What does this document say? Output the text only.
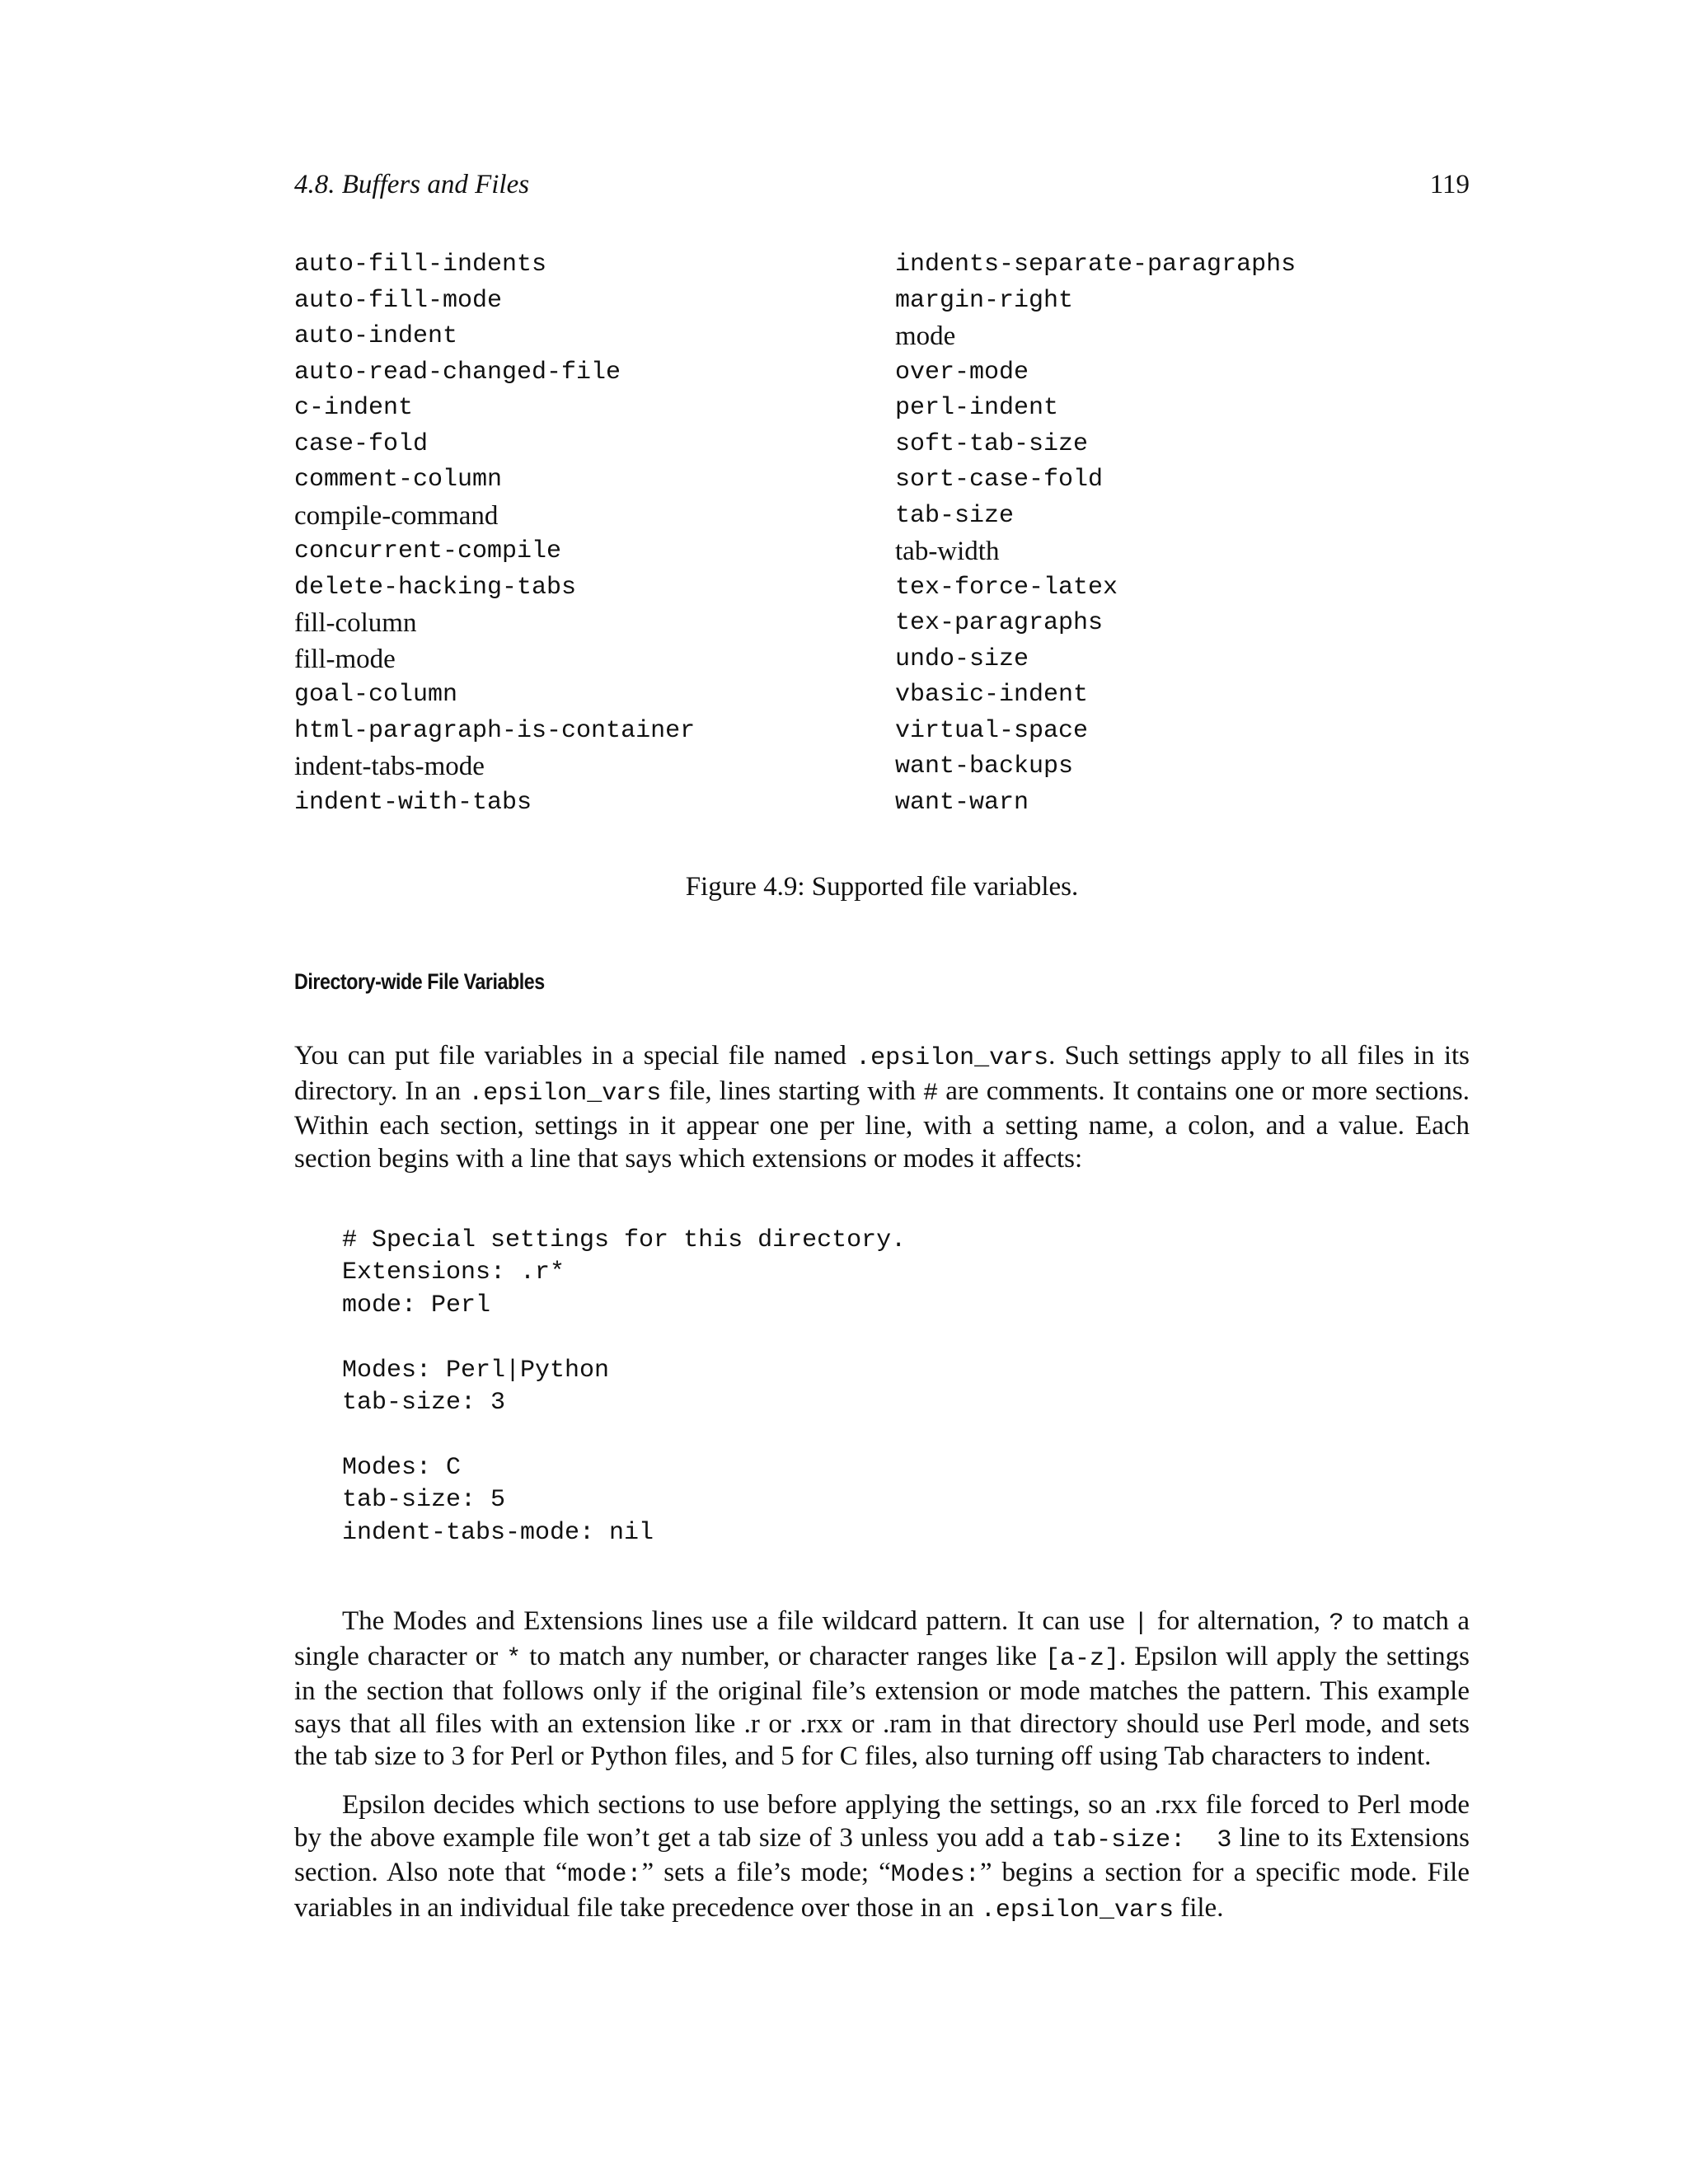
4.8. Buffers and Files	119
auto-fill-indents
auto-fill-mode
auto-indent
auto-read-changed-file
c-indent
case-fold
comment-column
compile-command
concurrent-compile
delete-hacking-tabs
fill-column
fill-mode
goal-column
html-paragraph-is-container
indent-tabs-mode
indent-with-tabs
indents-separate-paragraphs
margin-right
mode
over-mode
perl-indent
soft-tab-size
sort-case-fold
tab-size
tab-width
tex-force-latex
tex-paragraphs
undo-size
vbasic-indent
virtual-space
want-backups
want-warn
Figure 4.9: Supported file variables.
Directory-wide File Variables

You can put file variables in a special file named .epsilon_vars. Such settings apply to all files in its directory. In an .epsilon_vars file, lines starting with # are comments. It contains one or more sections. Within each section, settings in it appear one per line, with a setting name, a colon, and a value. Each section begins with a line that says which extensions or modes it affects:

# Special settings for this directory.
Extensions: .r*
mode: Perl

Modes: Perl|Python
tab-size: 3

Modes: C
tab-size: 5
indent-tabs-mode: nil

The Modes and Extensions lines use a file wildcard pattern. It can use | for alternation, ? to match a single character or * to match any number, or character ranges like [a-z]. Epsilon will apply the settings in the section that follows only if the original file’s extension or mode matches the pattern. This example says that all files with an extension like .r or .rxx or .ram in that directory should use Perl mode, and sets the tab size to 3 for Perl or Python files, and 5 for C files, also turning off using Tab characters to indent.

Epsilon decides which sections to use before applying the settings, so an .rxx file forced to Perl mode by the above example file won’t get a tab size of 3 unless you add a tab-size:  3 line to its Extensions section. Also note that “mode:” sets a file’s mode; “Modes:” begins a section for a specific mode. File variables in an individual file take precedence over those in an .epsilon_vars file.
